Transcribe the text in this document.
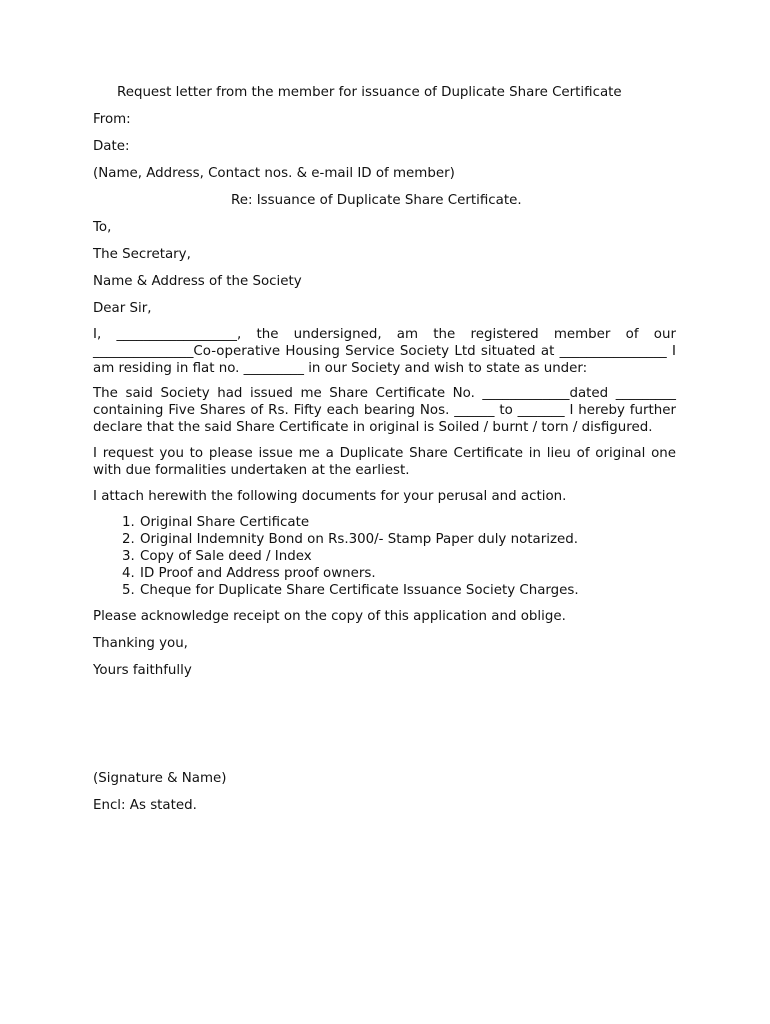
Request letter from the member for issuance of Duplicate Share Certificate

From:

Date:

(Name, Address, Contact nos. & e-mail ID of member)

Re: Issuance of Duplicate Share Certificate.

To,

The Secretary,

Name & Address of the Society

Dear Sir,

I, __________________, the undersigned, am the registered member of our _______________Co-operative Housing Service Society Ltd situated at ________________ I am residing in flat no. _________ in our Society and wish to state as under:

The said Society had issued me Share Certificate No. _____________dated _________ containing Five Shares of Rs. Fifty each bearing Nos. ______ to _______ I hereby further declare that the said Share Certificate in original is Soiled / burnt / torn / disfigured.

I request you to please issue me a Duplicate Share Certificate in lieu of original one with due formalities undertaken at the earliest.

I attach herewith the following documents for your perusal and action.

1. Original Share Certificate
2. Original Indemnity Bond on Rs.300/- Stamp Paper duly notarized.
3. Copy of Sale deed / Index
4. ID Proof and Address proof owners.
5. Cheque for Duplicate Share Certificate Issuance Society Charges.

Please acknowledge receipt on the copy of this application and oblige.

Thanking you,

Yours faithfully

(Signature & Name)

Encl: As stated.
